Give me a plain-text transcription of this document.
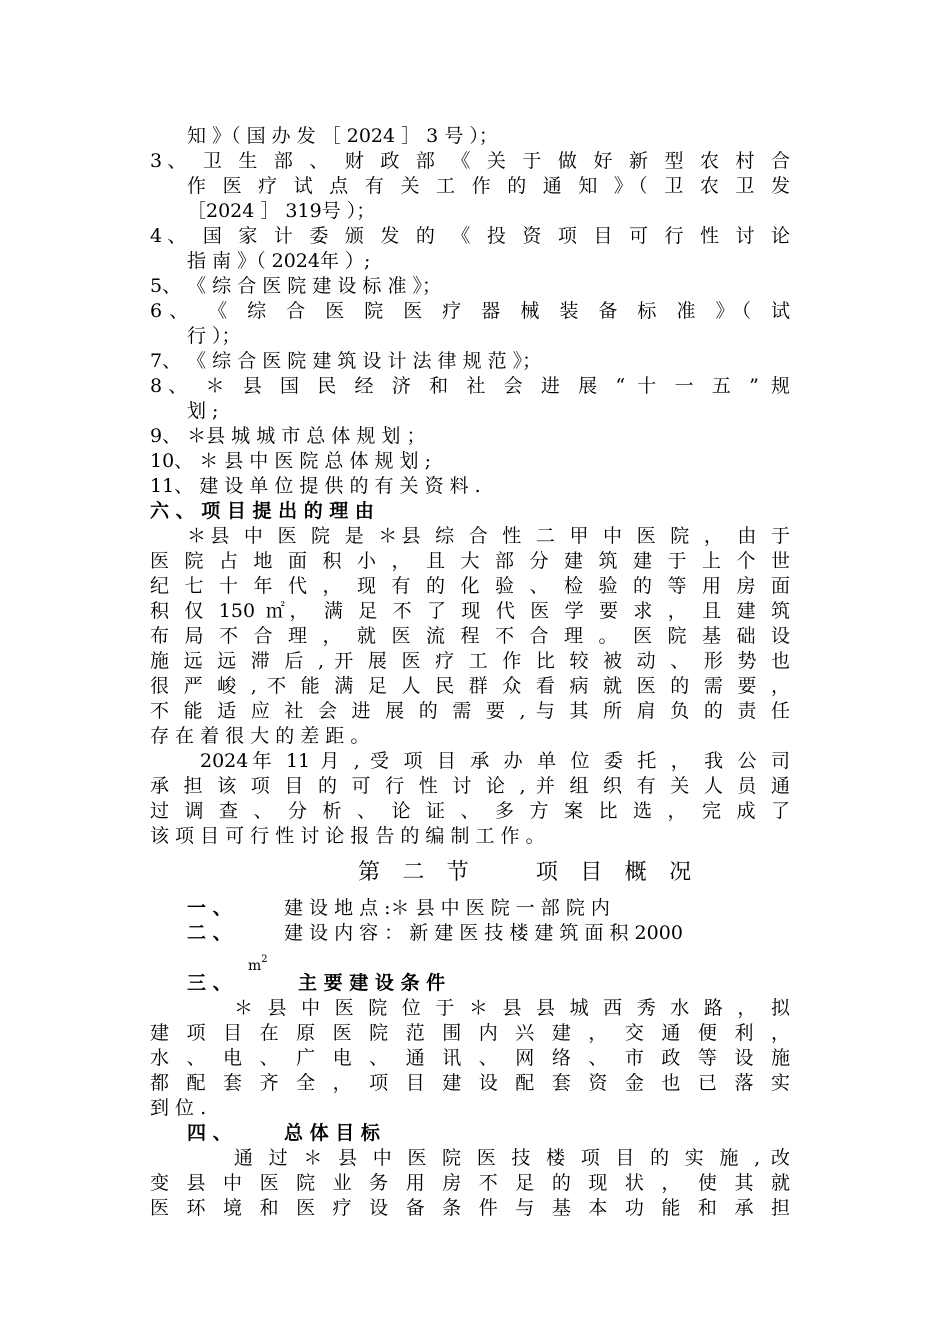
知 》（ 国 办 发 ［ 2024 ］ 3 号 ）；
3、 卫 生 部 、 财 政 部 《 关 于 做 好 新 型 农 村 合
作 医 疗 试 点 有 关 工 作 的 通 知 》（ 卫 农 卫 发
［2024 ］ 319号 ）；
4、 国 家 计 委 颁 发 的 《 投 资 项 目 可 行 性 讨 论
指 南 》（ 2024年 ）;
5、 《 综 合 医 院 建 设 标 准 》；
6、 《 综 合 医 院 医 疗 器 械 装 备 标 准 》（ 试
行 ）；
7、 《 综 合 医 院 建 筑 设 计 法 律 规 范 》；
8、 ＊ 县 国 民 经 济 和 社 会 进 展 “ 十 一 五 ” 规
划 ;
9、 ＊县 城 城 市 总 体 规 划 ；
10、 ＊ 县 中 医 院 总 体 规 划 ;
11、 建 设 单 位 提 供 的 有 关 资 料 .
六 、 项 目 提 出 的 理 由
＊县 中 医 院 是 ＊县 综 合 性 二 甲 中 医 院 ， 由 于
医 院 占 地 面 积 小 ， 且 大 部 分 建 筑 建 于 上 个 世
纪 七 十 年 代 ， 现 有 的 化 验 、 检 验 的 等 用 房 面
积 仅 150 ㎡， 满 足 不 了 现 代 医 学 要 求 ， 且 建 筑
布 局 不 合 理 ， 就 医 流 程 不 合 理 。 医 院 基 础 设
施 远 远 滞 后 , 开 展 医 疗 工 作 比 较 被 动 、 形 势 也
很 严 峻 , 不 能 满 足 人 民 群 众 看 病 就 医 的 需 要 ，
不 能 适 应 社 会 进 展 的 需 要 , 与 其 所 肩 负 的 责 任
存 在 着 很 大 的 差 距 。
2024年 11 月 , 受 项 目 承 办 单 位 委 托 ， 我 公 司
承 担 该 项 目 的 可 行 性 讨 论 , 并 组 织 有 关 人 员 通
过 调 查 、 分 析 、 论 证 、 多 方 案 比 选 ， 完 成 了
该 项 目 可 行 性 讨 论 报 告 的 编 制 工 作 。
第 二 节　　项 目 概 况
一 、	建 设 地 点 :＊ 县 中 医 院 一 部 院 内
二 、	建 设 内 容 ： 新 建 医 技 楼 建 筑 面 积 2000
$m^2$
三 、	主 要 建 设 条 件
＊ 县 中 医 院 位 于 ＊ 县 县 城 西 秀 水 路 ， 拟
建 项 目 在 原 医 院 范 围 内 兴 建 ， 交 通 便 利 ，
水 、 电 、 广 电 、 通 讯 、 网 络 、 市 政 等 设 施
都 配 套 齐 全 ， 项 目 建 设 配 套 资 金 也 已 落 实
到 位 .
四 、	总 体 目 标
通 过 ＊ 县 中 医 院 医 技 楼 项 目 的 实 施 , 改
变 县 中 医 院 业 务 用 房 不 足 的 现 状 ， 使 其 就
医 环 境 和 医 疗 设 备 条 件 与 基 本 功 能 和 承 担
